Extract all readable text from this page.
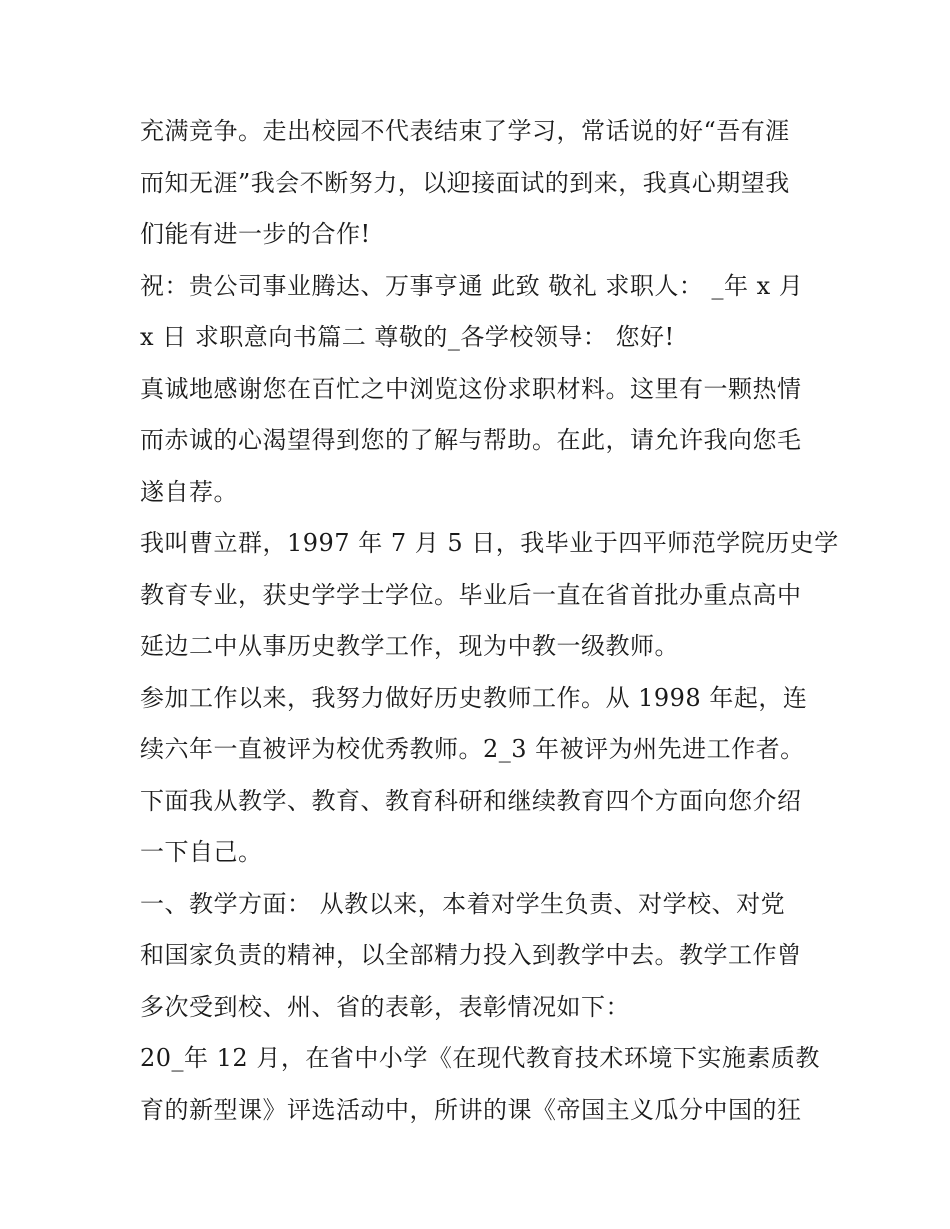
充满竞争。走出校园不代表结束了学习，常话说的好“吾有涯
而知无涯”我会不断努力，以迎接面试的到来，我真心期望我
们能有进一步的合作!
祝：贵公司事业腾达、万事亨通 此致 敬礼 求职人： _年 x 月
x 日 求职意向书篇二 尊敬的_各学校领导： 您好!
真诚地感谢您在百忙之中浏览这份求职材料。这里有一颗热情
而赤诚的心渴望得到您的了解与帮助。在此，请允许我向您毛
遂自荐。
我叫曹立群，1997 年 7 月 5 日，我毕业于四平师范学院历史学
教育专业，获史学学士学位。毕业后一直在省首批办重点高中
延边二中从事历史教学工作，现为中教一级教师。
参加工作以来，我努力做好历史教师工作。从 1998 年起，连
续六年一直被评为校优秀教师。2_3 年被评为州先进工作者。
下面我从教学、教育、教育科研和继续教育四个方面向您介绍
一下自己。
一、教学方面： 从教以来，本着对学生负责、对学校、对党
和国家负责的精神，以全部精力投入到教学中去。教学工作曾
多次受到校、州、省的表彰，表彰情况如下：
20_年 12 月，在省中小学《在现代教育技术环境下实施素质教
育的新型课》评选活动中，所讲的课《帝国主义瓜分中国的狂
